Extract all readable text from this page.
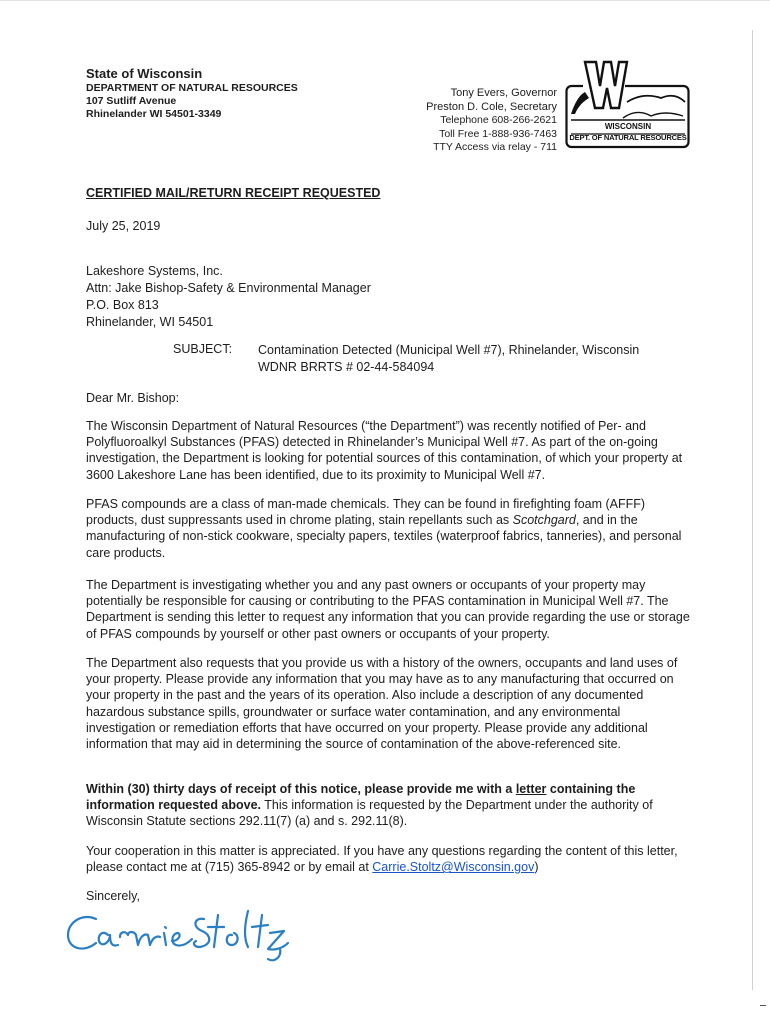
State of Wisconsin
DEPARTMENT OF NATURAL RESOURCES
107 Sutliff Avenue
Rhinelander WI 54501-3349
Tony Evers, Governor
Preston D. Cole, Secretary
Telephone 608-266-2621
Toll Free 1-888-936-7463
TTY Access via relay - 711
WISCONSIN
DEPT. OF NATURAL RESOURCES
CERTIFIED MAIL/RETURN RECEIPT REQUESTED
July 25, 2019
Lakeshore Systems, Inc.
Attn: Jake Bishop-Safety & Environmental Manager
P.O. Box 813
Rhinelander, WI 54501
SUBJECT: Contamination Detected (Municipal Well #7), Rhinelander, Wisconsin
WDNR BRRTS # 02-44-584094
Dear Mr. Bishop:
The Wisconsin Department of Natural Resources (“the Department”) was recently notified of Per- and Polyfluoroalkyl Substances (PFAS) detected in Rhinelander’s Municipal Well #7. As part of the on-going investigation, the Department is looking for potential sources of this contamination, of which your property at 3600 Lakeshore Lane has been identified, due to its proximity to Municipal Well #7.
PFAS compounds are a class of man-made chemicals. They can be found in firefighting foam (AFFF) products, dust suppressants used in chrome plating, stain repellants such as Scotchgard, and in the manufacturing of non-stick cookware, specialty papers, textiles (waterproof fabrics, tanneries), and personal care products.
The Department is investigating whether you and any past owners or occupants of your property may potentially be responsible for causing or contributing to the PFAS contamination in Municipal Well #7. The Department is sending this letter to request any information that you can provide regarding the use or storage of PFAS compounds by yourself or other past owners or occupants of your property.
The Department also requests that you provide us with a history of the owners, occupants and land uses of your property. Please provide any information that you may have as to any manufacturing that occurred on your property in the past and the years of its operation. Also include a description of any documented hazardous substance spills, groundwater or surface water contamination, and any environmental investigation or remediation efforts that have occurred on your property. Please provide any additional information that may aid in determining the source of contamination of the above-referenced site.
Within (30) thirty days of receipt of this notice, please provide me with a letter containing the information requested above. This information is requested by the Department under the authority of Wisconsin Statute sections 292.11(7) (a) and s. 292.11(8).
Your cooperation in this matter is appreciated. If you have any questions regarding the content of this letter, please contact me at (715) 365-8942 or by email at Carrie.Stoltz@Wisconsin.gov)
Sincerely,
